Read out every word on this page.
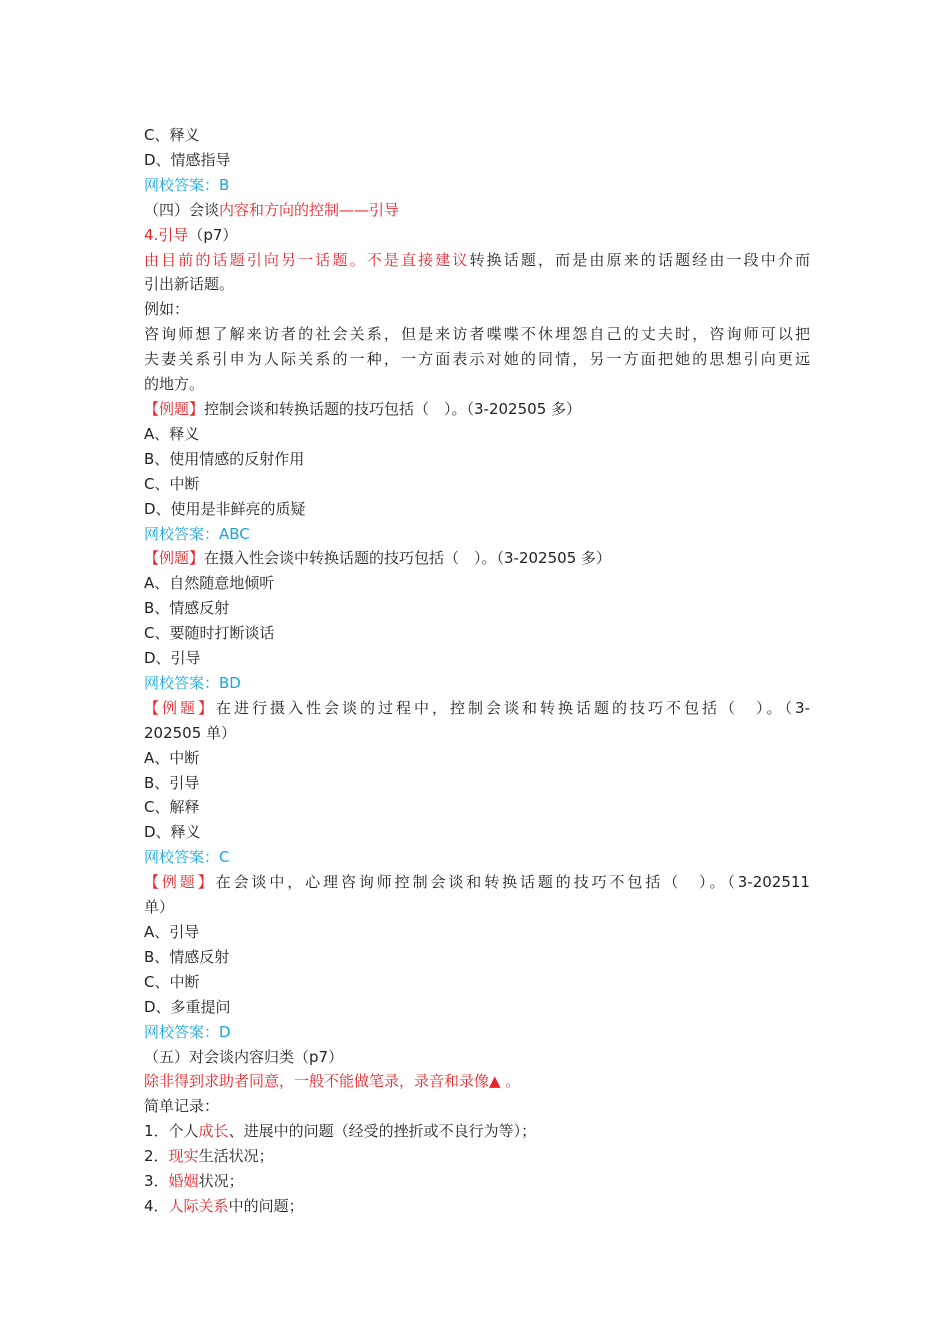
C、释义

D、情感指导

网校答案：B

（四）会谈内容和方向的控制——引导

4.引导（p7）

由目前的话题引向另一话题。不是直接建议转换话题，而是由原来的话题经由一段中介而

引出新话题。

例如：

咨询师想了解来访者的社会关系，但是来访者喋喋不休埋怨自己的丈夫时，咨询师可以把

夫妻关系引申为人际关系的一种，一方面表示对她的同情，另一方面把她的思想引向更远

的地方。

【例题】控制会谈和转换话题的技巧包括（　）。（3-202505 多）

A、释义

B、使用情感的反射作用

C、中断

D、使用是非鲜亮的质疑

网校答案：ABC

【例题】在摄入性会谈中转换话题的技巧包括（　）。（3-202505 多）

A、自然随意地倾听

B、情感反射

C、要随时打断谈话

D、引导

网校答案：BD

【例题】在进行摄入性会谈的过程中，控制会谈和转换话题的技巧不包括（　）。（3-

202505 单）

A、中断

B、引导

C、解释

D、释义

网校答案：C

【例题】在会谈中，心理咨询师控制会谈和转换话题的技巧不包括（　）。（3-202511

单）

A、引导

B、情感反射

C、中断

D、多重提问

网校答案：D

（五）对会谈内容归类（p7）

除非得到求助者同意，一般不能做笔录，录音和录像▲ 。

简单记录：

1．个人成长、进展中的问题（经受的挫折或不良行为等）；

2．现实生活状况；

3．婚姻状况；

4．人际关系中的问题；
